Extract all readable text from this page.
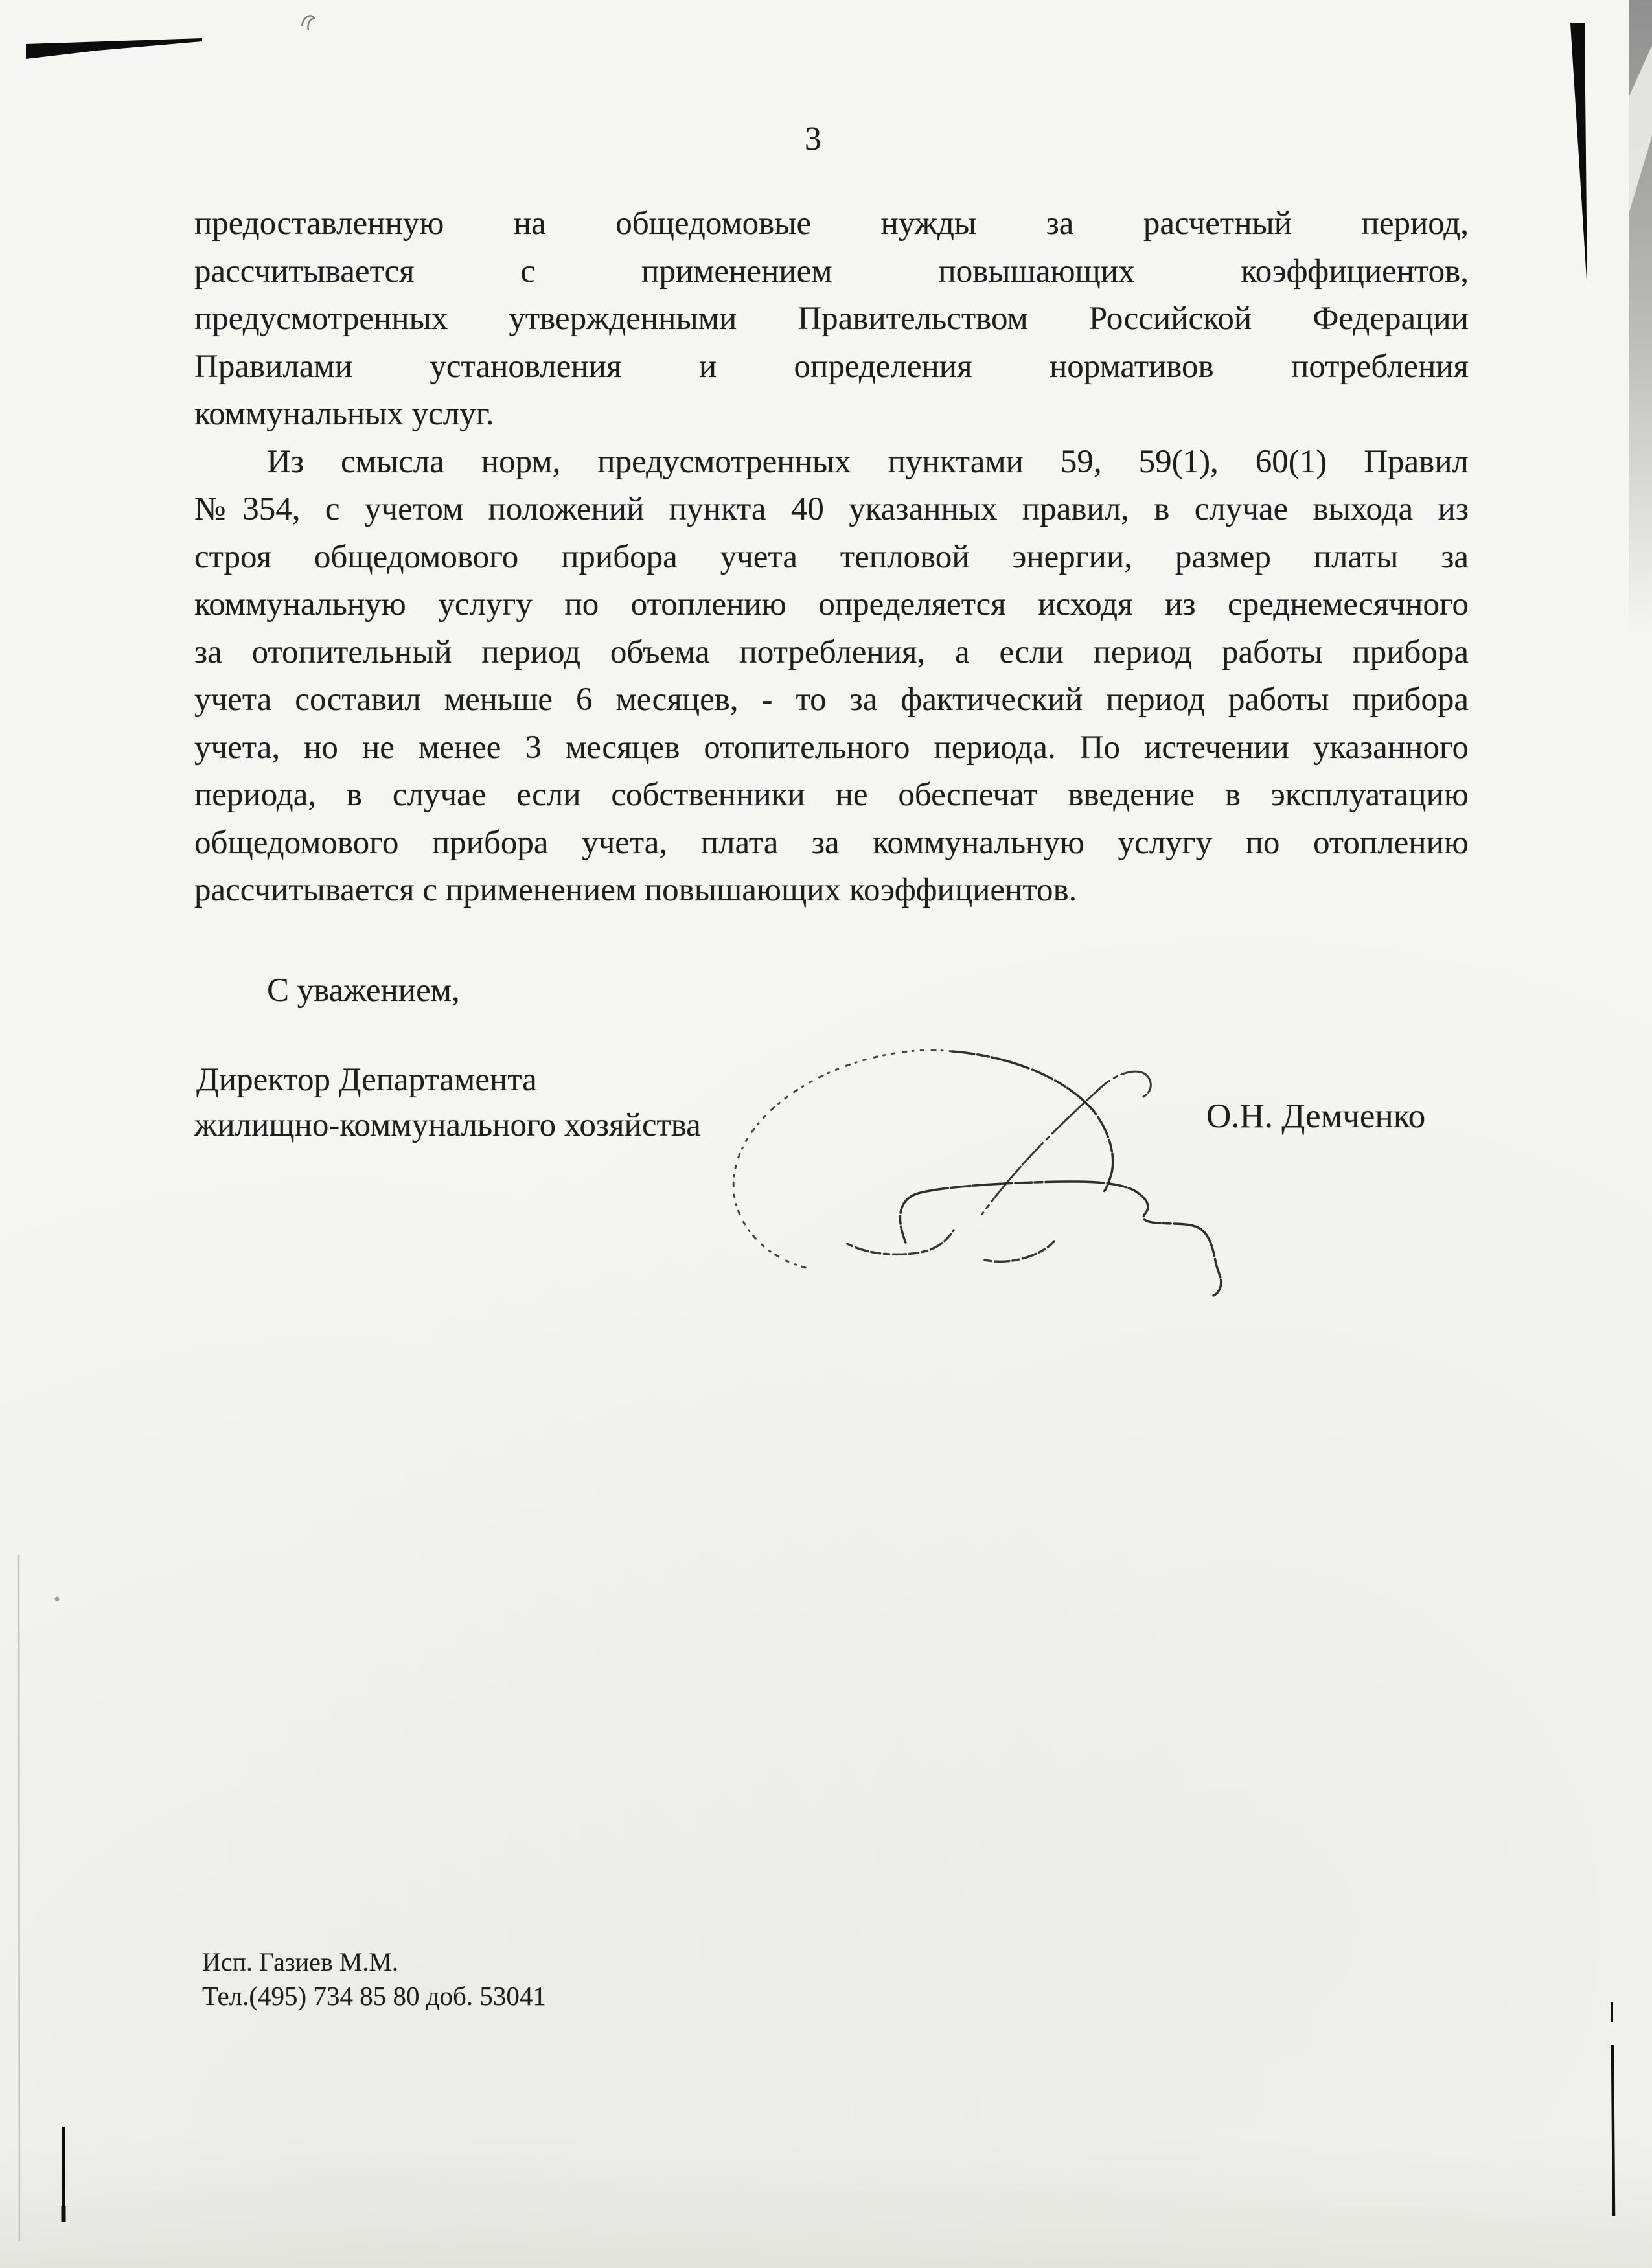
3
предоставленную на общедомовые нужды за расчетный период,
рассчитывается с применением повышающих коэффициентов,
предусмотренных утвержденными Правительством Российской Федерации
Правилами установления и определения нормативов потребления
коммунальных услуг.
Из смысла норм, предусмотренных пунктами 59, 59(1), 60(1) Правил
№354, с учетом положений пункта 40 указанных правил, в случае выхода из
строя общедомового прибора учета тепловой энергии, размер платы за
коммунальную услугу по отоплению определяется исходя из среднемесячного
за отопительный период объема потребления, а если период работы прибора
учета составил меньше 6 месяцев, - то за фактический период работы прибора
учета, но не менее 3 месяцев отопительного периода. По истечении указанного
периода, в случае если собственники не обеспечат введение в эксплуатацию
общедомового прибора учета, плата за коммунальную услугу по отоплению
рассчитывается с применением повышающих коэффициентов.
С уважением,
Директор Департамента
жилищно-коммунального хозяйства	О.Н. Демченко
Исп. Газиев М.М.
Тел.(495) 734 85 80 доб. 53041
